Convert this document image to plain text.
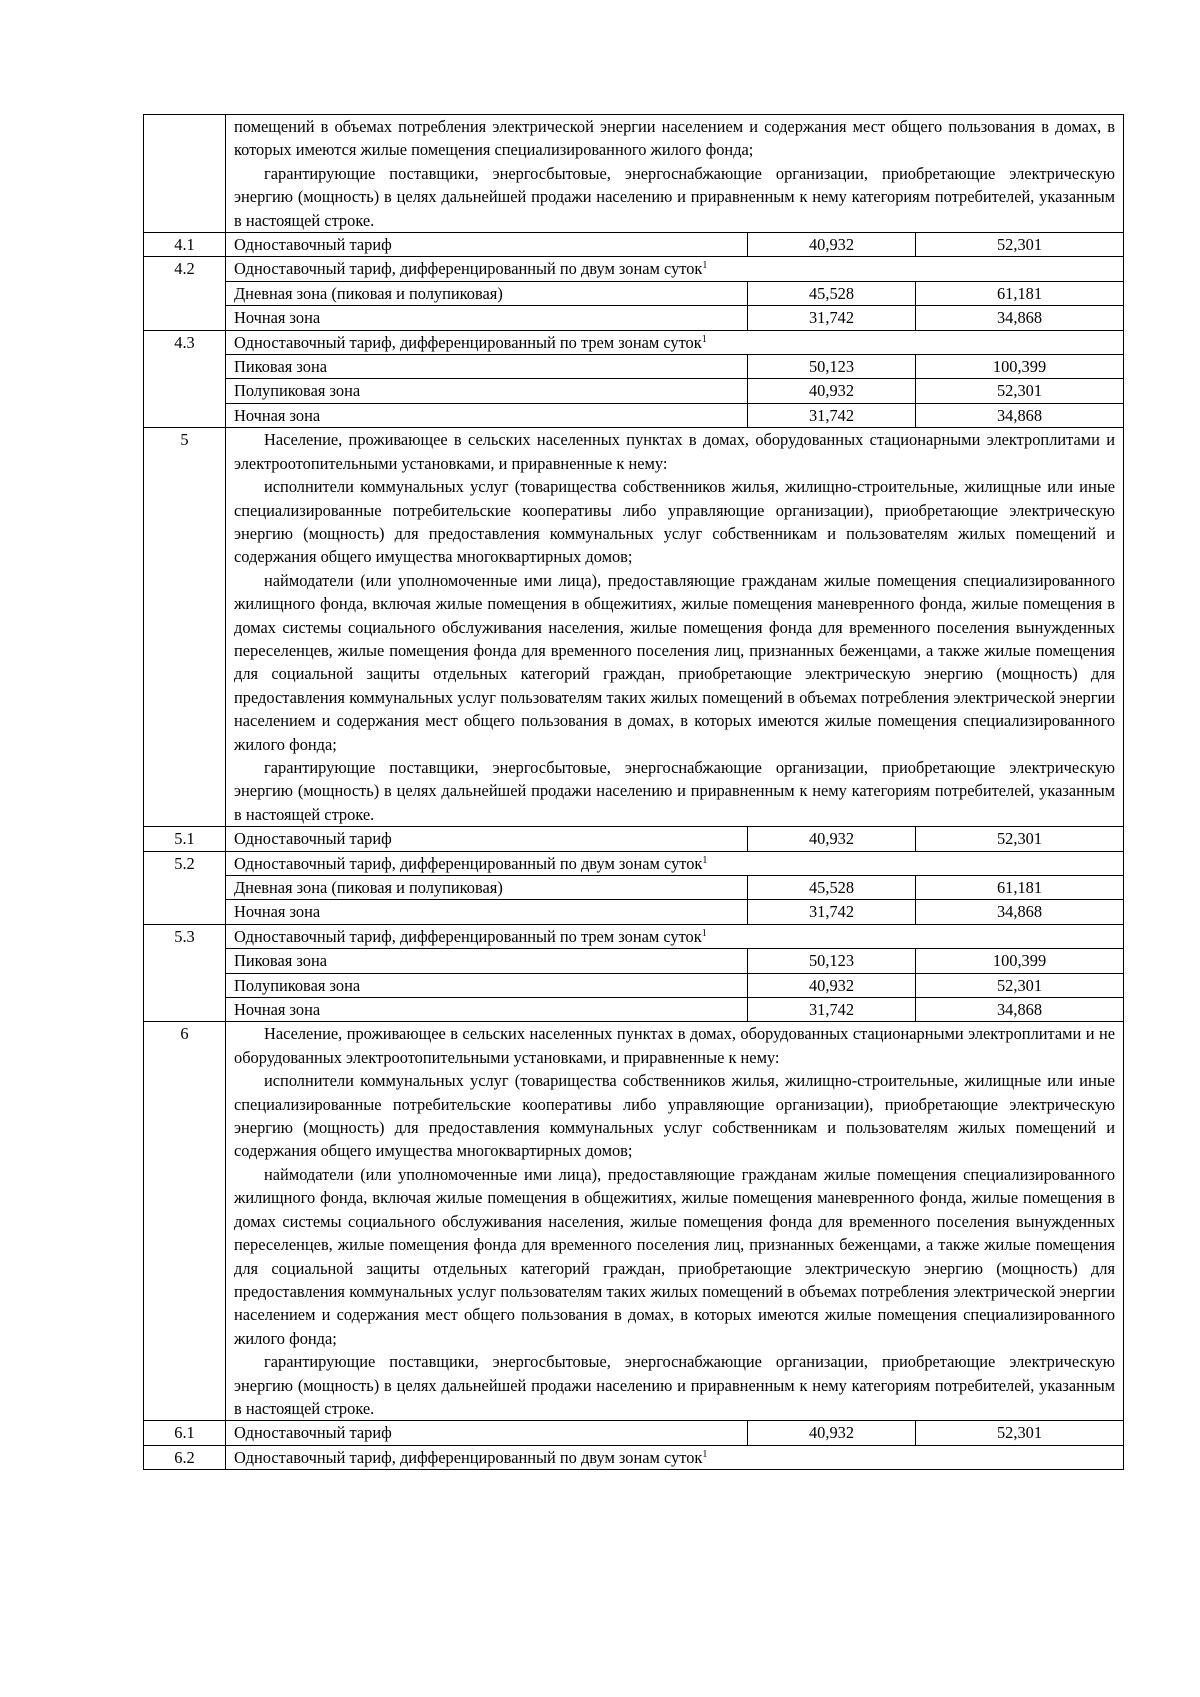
	помещений в объемах потребления электрической энергии населением и содержания мест общего пользования в домах, в которых имеются жилые помещения специализированного жилого фонда;

гарантирующие поставщики, энергосбытовые, энергоснабжающие организации, приобретающие электрическую энергию (мощность) в целях дальнейшей продажи населению и приравненным к нему категориям потребителей, указанным в настоящей строке.		

4.1	Одноставочный тариф	40,932	52,301
4.2	Одноставочный тариф, дифференцированный по двум зонам суток$^1$
	Дневная зона (пиковая и полупиковая)	45,528	61,181
	Ночная зона	31,742	34,868
4.3	Одноставочный тариф, дифференцированный по трем зонам суток$^1$
	Пиковая зона	50,123	100,399
	Полупиковая зона	40,932	52,301
	Ночная зона	31,742	34,868
5	Население, проживающее в сельских населенных пунктах в домах, оборудованных стационарными электроплитами и электроотопительными установками, и приравненные к нему:

исполнители коммунальных услуг (товарищества собственников жилья, жилищно-строительные, жилищные или иные специализированные потребительские кооперативы либо управляющие организации), приобретающие электрическую энергию (мощность) для предоставления коммунальных услуг собственникам и пользователям жилых помещений и содержания общего имущества многоквартирных домов;

наймодатели (или уполномоченные ими лица), предоставляющие гражданам жилые помещения специализированного жилищного фонда, включая жилые помещения в общежитиях, жилые помещения маневренного фонда, жилые помещения в домах системы социального обслуживания населения, жилые помещения фонда для временного поселения вынужденных переселенцев, жилые помещения фонда для временного поселения лиц, признанных беженцами, а также жилые помещения для социальной защиты отдельных категорий граждан, приобретающие электрическую энергию (мощность) для предоставления коммунальных услуг пользователям таких жилых помещений в объемах потребления электрической энергии населением и содержания мест общего пользования в домах, в которых имеются жилые помещения специализированного жилого фонда;

гарантирующие поставщики, энергосбытовые, энергоснабжающие организации, приобретающие электрическую энергию (мощность) в целях дальнейшей продажи населению и приравненным к нему категориям потребителей, указанным в настоящей строке.		

5.1	Одноставочный тариф	40,932	52,301
5.2	Одноставочный тариф, дифференцированный по двум зонам суток$^1$
	Дневная зона (пиковая и полупиковая)	45,528	61,181
	Ночная зона	31,742	34,868
5.3	Одноставочный тариф, дифференцированный по трем зонам суток$^1$
	Пиковая зона	50,123	100,399
	Полупиковая зона	40,932	52,301
	Ночная зона	31,742	34,868
6	Население, проживающее в сельских населенных пунктах в домах, оборудованных стационарными электроплитами и не оборудованных электроотопительными установками, и приравненные к нему:

исполнители коммунальных услуг (товарищества собственников жилья, жилищно-строительные, жилищные или иные специализированные потребительские кооперативы либо управляющие организации), приобретающие электрическую энергию (мощность) для предоставления коммунальных услуг собственникам и пользователям жилых помещений и содержания общего имущества многоквартирных домов;

наймодатели (или уполномоченные ими лица), предоставляющие гражданам жилые помещения специализированного жилищного фонда, включая жилые помещения в общежитиях, жилые помещения маневренного фонда, жилые помещения в домах системы социального обслуживания населения, жилые помещения фонда для временного поселения вынужденных переселенцев, жилые помещения фонда для временного поселения лиц, признанных беженцами, а также жилые помещения для социальной защиты отдельных категорий граждан, приобретающие электрическую энергию (мощность) для предоставления коммунальных услуг пользователям таких жилых помещений в объемах потребления электрической энергии населением и содержания мест общего пользования в домах, в которых имеются жилые помещения специализированного жилого фонда;

гарантирующие поставщики, энергосбытовые, энергоснабжающие организации, приобретающие электрическую энергию (мощность) в целях дальнейшей продажи населению и приравненным к нему категориям потребителей, указанным в настоящей строке.		

6.1	Одноставочный тариф	40,932	52,301
6.2	Одноставочный тариф, дифференцированный по двум зонам суток$^1$
